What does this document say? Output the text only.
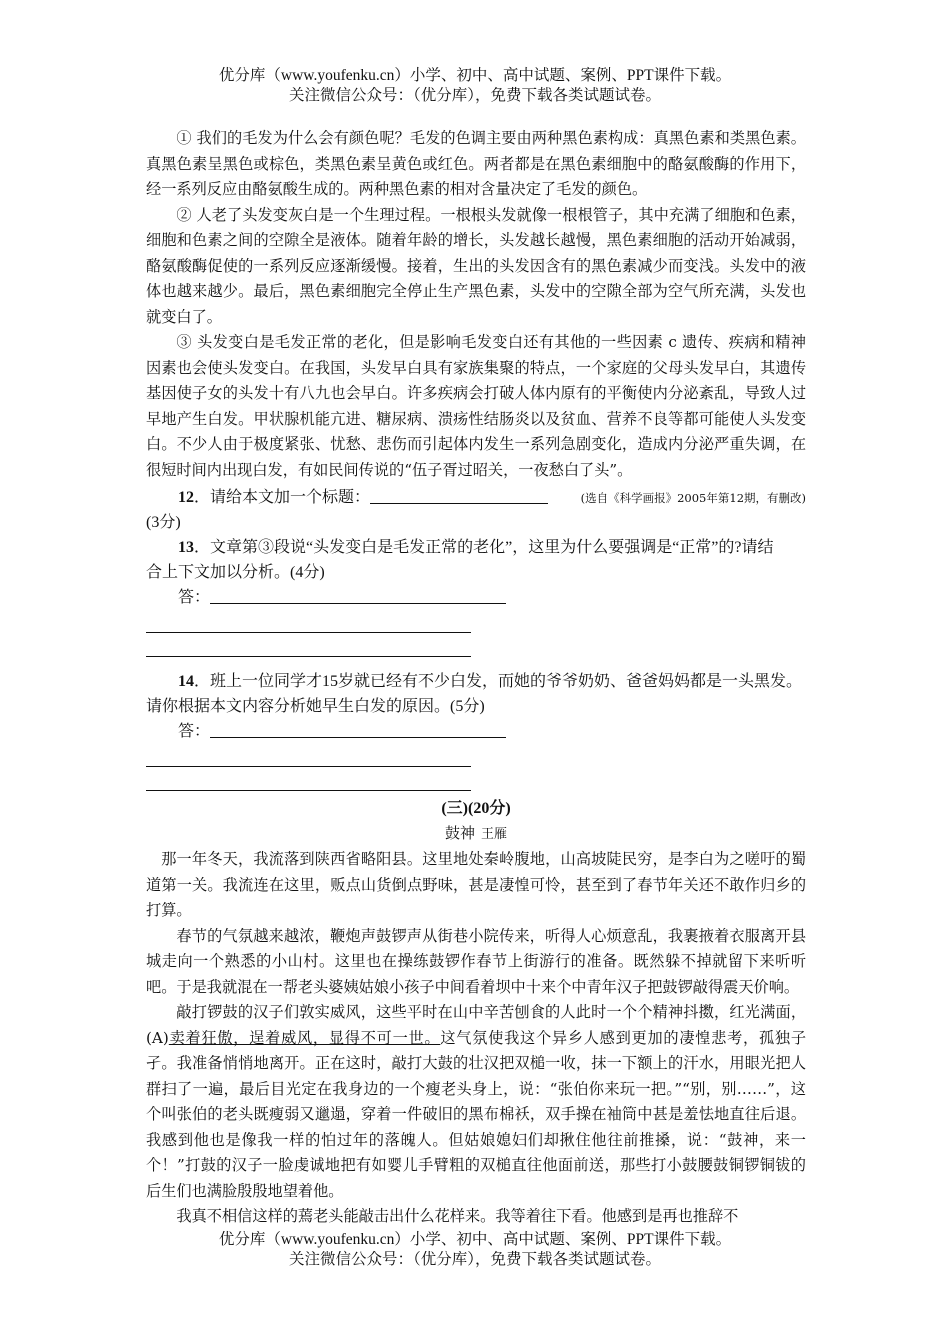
优分库（www.youfenku.cn）小学、初中、高中试题、案例、PPT课件下载。
关注微信公众号：（优分库），免费下载各类试题试卷。

① 我们的毛发为什么会有颜色呢？毛发的色调主要由两种黑色素构成：真黑色素和类黑色素。真黑色素呈黑色或棕色，类黑色素呈黄色或红色。两者都是在黑色素细胞中的酪氨酸酶的作用下，经一系列反应由酪氨酸生成的。两种黑色素的相对含量决定了毛发的颜色。

② 人老了头发变灰白是一个生理过程。一根根头发就像一根根管子，其中充满了细胞和色素，细胞和色素之间的空隙全是液体。随着年龄的增长，头发越长越慢，黑色素细胞的活动开始减弱，酪氨酸酶促使的一系列反应逐渐缓慢。接着，生出的头发因含有的黑色素减少而变浅。头发中的液体也越来越少。最后，黑色素细胞完全停止生产黑色素，头发中的空隙全部为空气所充满，头发也就变白了。

③ 头发变白是毛发正常的老化，但是影响毛发变白还有其他的一些因素 c 遗传、疾病和精神因素也会使头发变白。在我国，头发早白具有家族集聚的特点，一个家庭的父母头发早白，其遗传基因使子女的头发十有八九也会早白。许多疾病会打破人体内原有的平衡使内分泌紊乱，导致人过早地产生白发。甲状腺机能亢进、糖尿病、溃疡性结肠炎以及贫血、营养不良等都可能使人头发变白。不少人由于极度紧张、忧愁、悲伤而引起体内发生一系列急剧变化，造成内分泌严重失调，在很短时间内出现白发，有如民间传说的“伍子胥过昭关，一夜愁白了头”。
(选自《科学画报》2005年第12期，有删改)

12．请给本文加一个标题：(3分)

13．文章第③段说“头发变白是毛发正常的老化”，这里为什么要强调是“正常”的?请结合上下文加以分析。(4分)

答：

14．班上一位同学才15岁就已经有不少白发，而她的爷爷奶奶、爸爸妈妈都是一头黑发。请你根据本文内容分析她早生白发的原因。(5分)

答：

(三)(20分)
鼓神 王雁

那一年冬天，我流落到陕西省略阳县。这里地处秦岭腹地，山高坡陡民穷，是李白为之嗟吁的蜀道第一关。我流连在这里，贩点山货倒点野味，甚是凄惶可怜，甚至到了春节年关还不敢作归乡的打算。

春节的气氛越来越浓，鞭炮声鼓锣声从街巷小院传来，听得人心烦意乱，我裹掖着衣服离开县城走向一个熟悉的小山村。这里也在操练鼓锣作春节上街游行的准备。既然躲不掉就留下来听听吧。于是我就混在一帮老头婆姨姑娘小孩子中间看着坝中十来个中青年汉子把鼓锣敲得震天价响。

敲打锣鼓的汉子们敦实威风，这些平时在山中辛苦刨食的人此时一个个精神抖擞，红光满面，(A)卖着狂傲，逞着威风，显得不可一世。这气氛使我这个异乡人感到更加的凄惶悲考，孤独子孑。我准备悄悄地离开。正在这时，敲打大鼓的壮汉把双槌一收，抹一下额上的汗水，用眼光把人群扫了一遍，最后目光定在我身边的一个瘦老头身上，说：“张伯你来玩一把。”“别，别……”，这个叫张伯的老头既瘦弱又邋遢，穿着一件破旧的黑布棉袄，双手操在袖筒中甚是羞怯地直往后退。我感到他也是像我一样的怕过年的落魄人。但姑娘媳妇们却揪住他往前推搡，说：“鼓神，来一个！”打鼓的汉子一脸虔诚地把有如婴儿手臂粗的双槌直往他面前送，那些打小鼓腰鼓铜锣铜钹的后生们也满脸殷殷地望着他。

我真不相信这样的蔫老头能敲击出什么花样来。我等着往下看。他感到是再也推辞不

优分库（www.youfenku.cn）小学、初中、高中试题、案例、PPT课件下载。
关注微信公众号：（优分库），免费下载各类试题试卷。
